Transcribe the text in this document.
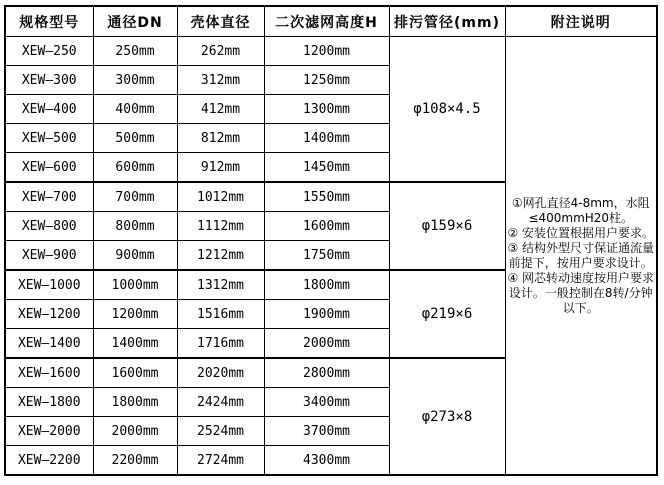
规格型号	通径DN	壳体直径	二次滤网高度H	排污管径(mm)	附注说明
XEW—250	250mm	262mm	1200mm	φ108×4.5	①网孔直径4-8mm，水阻≤400mmH20柱。

② 安装位置根据用户要求。

③ 结构外型尺寸保证通流量前提下，按用户要求设计。

④ 网芯转动速度按用户要求设计。一般控制在8转/分钟以下。

XEW—300	300mm	312mm	1250mm		
XEW—400	400mm	412mm	1300mm		
XEW—500	500mm	812mm	1400mm		
XEW—600	600mm	912mm	1450mm		
XEW—700	700mm	1012mm	1550mm	φ159×6	
XEW—800	800mm	1112mm	1600mm		
XEW—900	900mm	1212mm	1750mm		
XEW—1000	1000mm	1312mm	1800mm	φ219×6	
XEW—1200	1200mm	1516mm	1900mm		
XEW—1400	1400mm	1716mm	2000mm		
XEW—1600	1600mm	2020mm	2800mm	φ273×8	
XEW—1800	1800mm	2424mm	3400mm		
XEW—2000	2000mm	2524mm	3700mm		
XEW—2200	2200mm	2724mm	4300mm		
